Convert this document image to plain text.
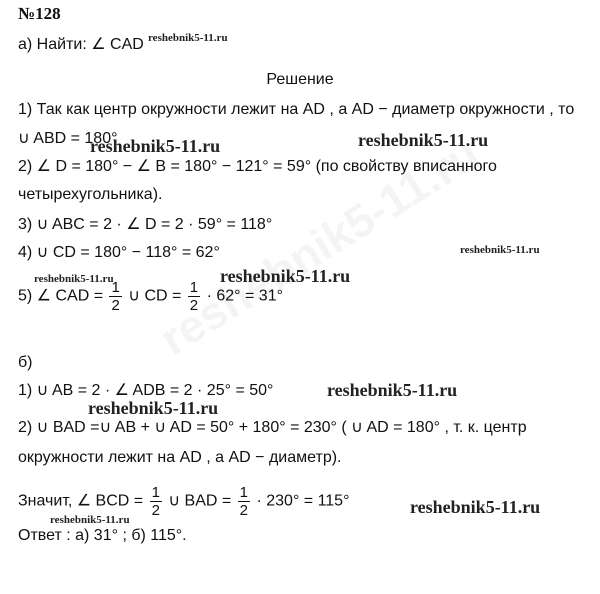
№128
а) Найти: ∠ CAD
Решение
1) Так как центр окружности лежит на AD , а AD − диаметр окружности , то
∪ ABD = 180°
2) ∠ D = 180° − ∠ B = 180° − 121° = 59° (по свойству вписанного
четырехугольника).
3) ∪ ABC = 2 · ∠ D = 2 · 59° = 118°
4) ∪ CD = 180° − 118° = 62°
5) ∠ CAD = $\frac{1}{2}$ ∪ CD = $\frac{1}{2} \cdot 62^\circ = 31^\circ$
б)
1) ∪ AB = 2 · ∠ ADB = 2 · 25° = 50°
2) ∪ BAD =∪ AB + ∪ AD = 50° + 180° = 230° ( ∪ AD = 180° , т. к. центр
окружности лежит на AD , а AD − диаметр).
Значит, ∠ BCD = $\frac{1}{2}$ ∪ BAD = $\frac{1}{2} \cdot 230^\circ = 115^\circ$
Ответ : а) 31° ; б) 115°.
reshebnik5-11.ru
reshebnik5-11.ru	reshebnik5-11.ru
reshebnik5-11.ru
reshebnik5-11.ru	reshebnik5-11.ru
reshebnik5-11.ru
reshebnik5-11.ru
reshebnik5-11.ru
reshebnik5-11.ru
